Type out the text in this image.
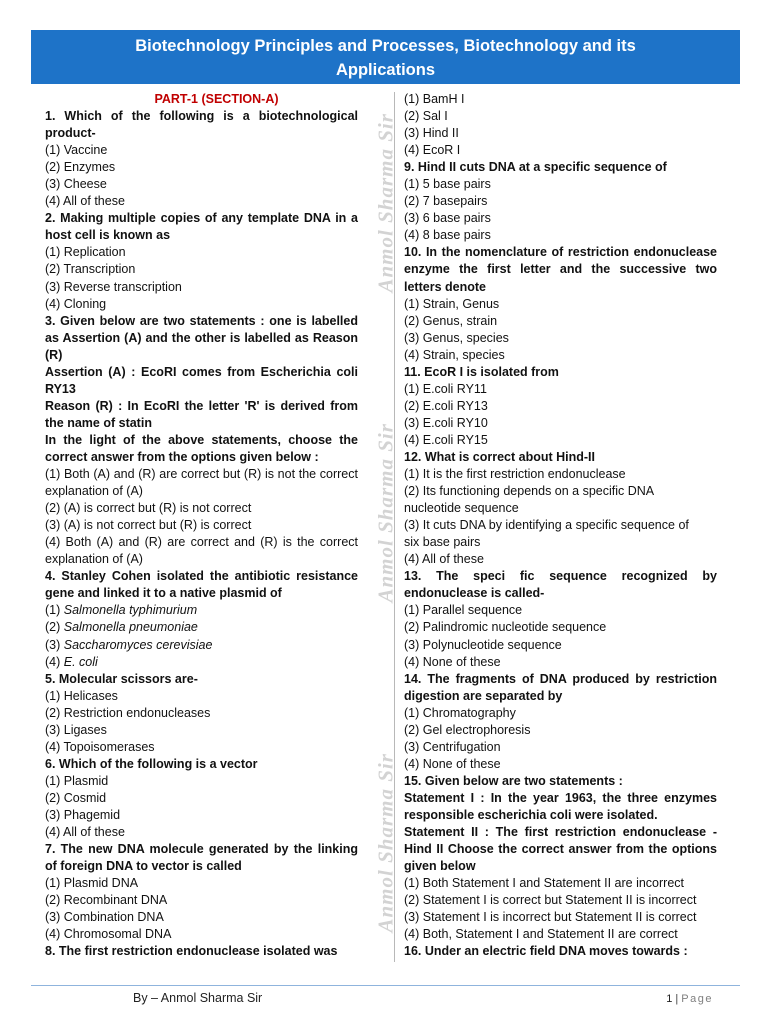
Biotechnology Principles and Processes, Biotechnology and its
Applications
Anmol Sharma Sir
Anmol Sharma Sir
Anmol Sharma Sir

PART-1 (SECTION-A)

1. Which of the following is a biotechnological product-

(1) Vaccine

(2) Enzymes

(3) Cheese

(4) All of these

2. Making multiple copies of any template DNA in a host cell is known as

(1) Replication

(2) Transcription

(3) Reverse transcription

(4) Cloning

3. Given below are two statements : one is labelled as Assertion (A) and the other is labelled as Reason (R)

Assertion (A) : EcoRI comes from Escherichia coli RY13

Reason (R) : In EcoRI the letter 'R' is derived from the name of statin

In the light of the above statements, choose the correct answer from the options given below :

(1) Both (A) and (R) are correct but (R) is not the correct explanation of (A)

(2) (A) is correct but (R) is not correct

(3) (A) is not correct but (R) is correct

(4) Both (A) and (R) are correct and (R) is the correct explanation of (A)

4. Stanley Cohen isolated the antibiotic resistance gene and linked it to a native plasmid of

(1) Salmonella typhimurium

(2) Salmonella pneumoniae

(3) Saccharomyces cerevisiae

(4) E. coli

5. Molecular scissors are-

(1) Helicases

(2) Restriction endonucleases

(3) Ligases

(4) Topoisomerases

6. Which of the following is a vector

(1) Plasmid

(2) Cosmid

(3) Phagemid

(4) All of these

7. The new DNA molecule generated by the linking of foreign DNA to vector is called

(1) Plasmid DNA

(2) Recombinant DNA

(3) Combination DNA

(4) Chromosomal DNA

8. The first restriction endonuclease isolated was

(1) BamH I

(2) Sal I

(3) Hind II

(4) EcoR I

9. Hind II cuts DNA at a specific sequence of

(1) 5 base pairs

(2) 7 basepairs

(3) 6 base pairs

(4) 8 base pairs

10. In the nomenclature of restriction endonuclease enzyme the first letter and the successive two letters denote

(1) Strain, Genus

(2) Genus, strain

(3) Genus, species

(4) Strain, species

11. EcoR I is isolated from

(1) E.coli RY11

(2) E.coli RY13

(3) E.coli RY10

(4) E.coli RY15

12. What is correct about Hind-II

(1) It is the first restriction endonuclease

(2) Its functioning depends on a specific DNA

nucleotide sequence

(3) It cuts DNA by identifying a specific sequence of

six base pairs

(4) All of these

13. The speci fic sequence recognized by endonuclease is called-

(1) Parallel sequence

(2) Palindromic nucleotide sequence

(3) Polynucleotide sequence

(4) None of these

14. The fragments of DNA produced by restriction digestion are separated by

(1) Chromatography

(2) Gel electrophoresis

(3) Centrifugation

(4) None of these

15. Given below are two statements :

Statement I : In the year 1963, the three enzymes responsible escherichia coli were isolated.

Statement II : The first restriction endonuclease - Hind II Choose the correct answer from the options given below

(1) Both Statement I and Statement II are incorrect

(2) Statement I is correct but Statement II is incorrect

(3) Statement I is incorrect but Statement II is correct

(4) Both, Statement I and Statement II are correct

16. Under an electric field DNA moves towards :

By – Anmol Sharma Sir	1 | Page
